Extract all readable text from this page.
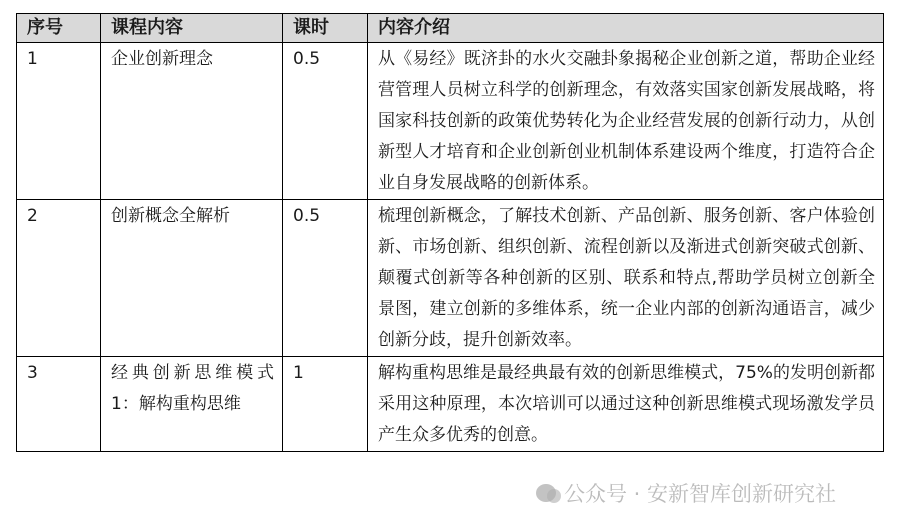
序号	课程内容	课时	内容介绍
1	企业创新理念	0.5	从《易经》既济卦的水火交融卦象揭秘企业创新之道，帮助企业经营管理人员树立科学的创新理念，有效落实国家创新发展战略，将国家科技创新的政策优势转化为企业经营发展的创新行动力，从创新型人才培育和企业创新创业机制体系建设两个维度，打造符合企业自身发展战略的创新体系。
2	创新概念全解析	0.5	梳理创新概念，了解技术创新、产品创新、服务创新、客户体验创新、市场创新、组织创新、流程创新以及渐进式创新突破式创新、颠覆式创新等各种创新的区别、联系和特点,帮助学员树立创新全景图，建立创新的多维体系，统一企业内部的创新沟通语言，减少创新分歧，提升创新效率。
3	经典创新思维模式 1：解构重构思维	1	解构重构思维是最经典最有效的创新思维模式，75%的发明创新都采用这种原理，本次培训可以通过这种创新思维模式现场激发学员产生众多优秀的创意。
公众号 · 安新智库创新研究社
